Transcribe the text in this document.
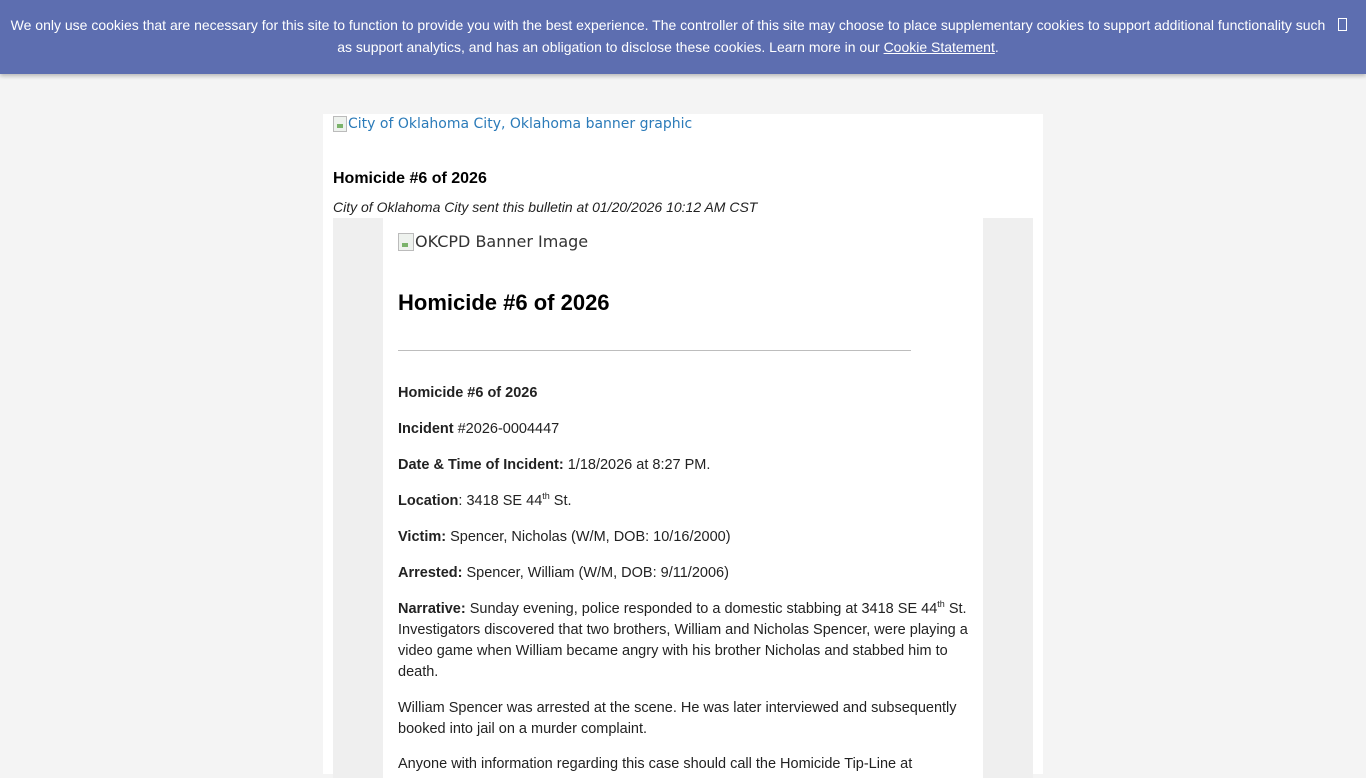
We only use cookies that are necessary for this site to function to provide you with the best experience. The controller of this site may choose to place supplementary cookies to support additional functionality such as support analytics, and has an obligation to disclose these cookies. Learn more in our Cookie Statement.
City of Oklahoma City, Oklahoma banner graphic
Homicide #6 of 2026
City of Oklahoma City sent this bulletin at 01/20/2026 10:12 AM CST
OKCPD Banner Image
Homicide #6 of 2026

Homicide #6 of 2026

Incident #2026-0004447

Date & Time of Incident: 1/18/2026 at 8:27 PM.

Location: 3418 SE 44th St.

Victim: Spencer, Nicholas (W/M, DOB: 10/16/2000)

Arrested: Spencer, William (W/M, DOB: 9/11/2006)

Narrative: Sunday evening, police responded to a domestic stabbing at 3418 SE 44th St. Investigators discovered that two brothers, William and Nicholas Spencer, were playing a video game when William became angry with his brother Nicholas and stabbed him to death.

William Spencer was arrested at the scene. He was later interviewed and subsequently booked into jail on a murder complaint.

Anyone with information regarding this case should call the Homicide Tip-Line at
